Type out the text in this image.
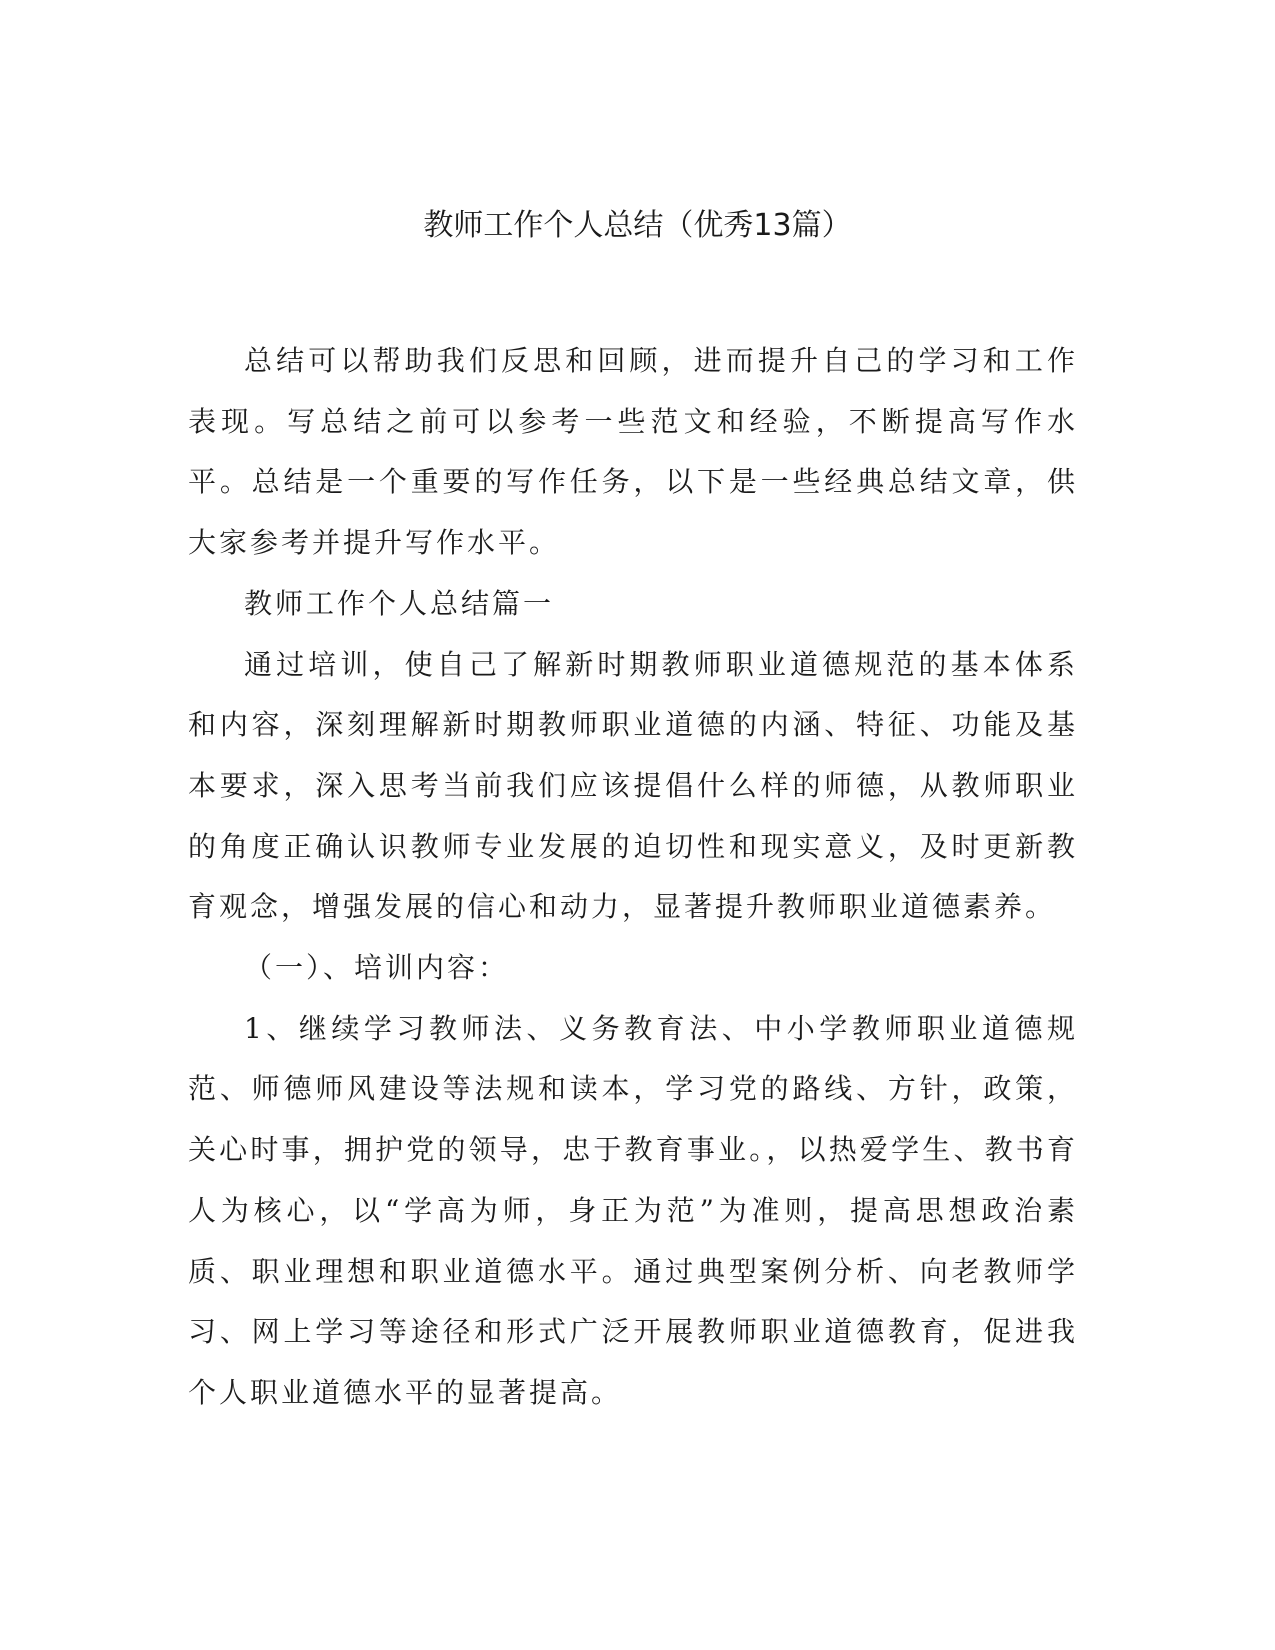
教师工作个人总结（优秀13篇）

总结可以帮助我们反思和回顾，进而提升自己的学习和工作表现。写总结之前可以参考一些范文和经验，不断提高写作水平。总结是一个重要的写作任务，以下是一些经典总结文章，供大家参考并提升写作水平。

教师工作个人总结篇一

通过培训，使自己了解新时期教师职业道德规范的基本体系和内容，深刻理解新时期教师职业道德的内涵、特征、功能及基本要求，深入思考当前我们应该提倡什么样的师德，从教师职业的角度正确认识教师专业发展的迫切性和现实意义，及时更新教育观念，增强发展的信心和动力，显著提升教师职业道德素养。

（一）、培训内容：

1、继续学习教师法、义务教育法、中小学教师职业道德规范、师德师风建设等法规和读本，学习党的路线、方针，政策，关心时事，拥护党的领导，忠于教育事业。，以热爱学生、教书育人为核心，以“学高为师，身正为范”为准则，提高思想政治素质、职业理想和职业道德水平。通过典型案例分析、向老教师学习、网上学习等途径和形式广泛开展教师职业道德教育，促进我个人职业道德水平的显著提高。
